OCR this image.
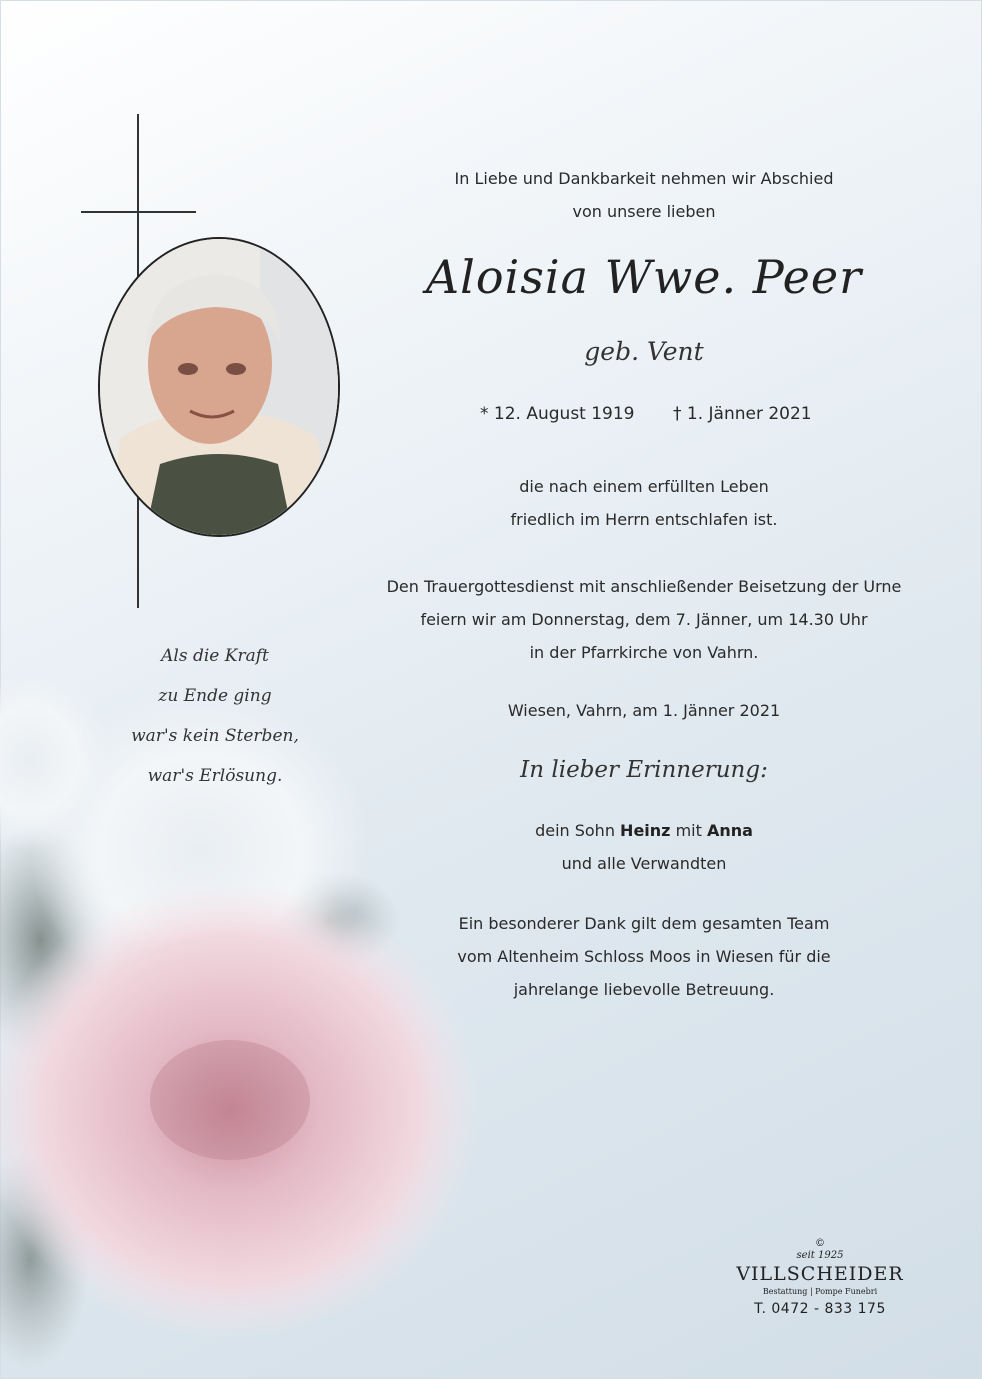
Als die Kraft
zu Ende ging
war's kein Sterben,
war's Erlösung.

In Liebe und Dankbarkeit nehmen wir Abschied

von unsere lieben

Aloisia Wwe. Peer
geb. Vent
* 12. August 1919 † 1. Jänner 2021

die nach einem erfüllten Leben

friedlich im Herrn entschlafen ist.

Den Trauergottesdienst mit anschließender Beisetzung der Urne

feiern wir am Donnerstag, dem 7. Jänner, um 14.30 Uhr

in der Pfarrkirche von Vahrn.

Wiesen, Vahrn, am 1. Jänner 2021

In lieber Erinnerung:

dein Sohn Heinz mit Anna

und alle Verwandten

Ein besonderer Dank gilt dem gesamten Team

vom Altenheim Schloss Moos in Wiesen für die

jahrelange liebevolle Betreuung.

©
seit 1925
VILLSCHEIDER
Bestattung | Pompe Funebri
T. 0472 - 833 175
